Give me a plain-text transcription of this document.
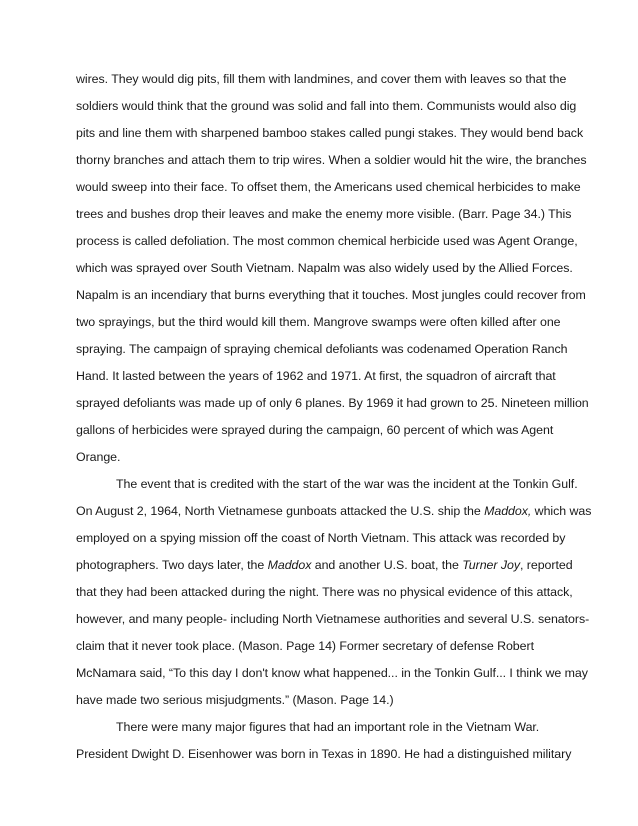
wires. They would dig pits, fill them with landmines, and cover them with leaves so that the
soldiers would think that the ground was solid and fall into them. Communists would also dig
pits and line them with sharpened bamboo stakes called pungi stakes. They would bend back
thorny branches and attach them to trip wires. When a soldier would hit the wire, the branches
would sweep into their face. To offset them, the Americans used chemical herbicides to make
trees and bushes drop their leaves and make the enemy more visible. (Barr. Page 34.) This
process is called defoliation. The most common chemical herbicide used was Agent Orange,
which was sprayed over South Vietnam. Napalm was also widely used by the Allied Forces.
Napalm is an incendiary that burns everything that it touches. Most jungles could recover from
two sprayings, but the third would kill them. Mangrove swamps were often killed after one
spraying. The campaign of spraying chemical defoliants was codenamed Operation Ranch
Hand. It lasted between the years of 1962 and 1971. At first, the squadron of aircraft that
sprayed defoliants was made up of only 6 planes. By 1969 it had grown to 25. Nineteen million
gallons of herbicides were sprayed during the campaign, 60 percent of which was Agent
Orange.
The event that is credited with the start of the war was the incident at the Tonkin Gulf.
On August 2, 1964, North Vietnamese gunboats attacked the U.S. ship the Maddox, which was
employed on a spying mission off the coast of North Vietnam. This attack was recorded by
photographers. Two days later, the Maddox and another U.S. boat, the Turner Joy, reported
that they had been attacked during the night. There was no physical evidence of this attack,
however, and many people- including North Vietnamese authorities and several U.S. senators-
claim that it never took place. (Mason. Page 14) Former secretary of defense Robert
McNamara said, “To this day I don't know what happened... in the Tonkin Gulf... I think we may
have made two serious misjudgments.” (Mason. Page 14.)
There were many major figures that had an important role in the Vietnam War.
President Dwight D. Eisenhower was born in Texas in 1890. He had a distinguished military
